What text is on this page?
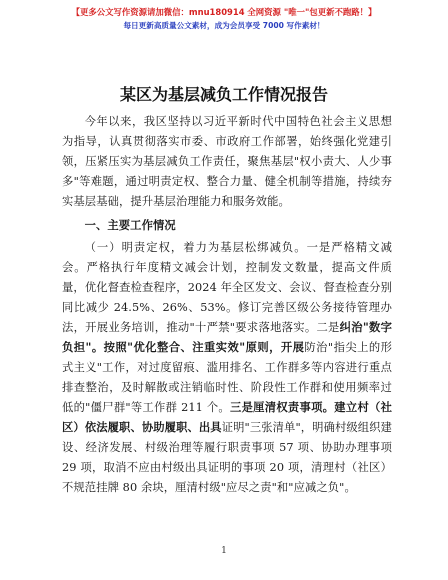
【更多公文写作资源请加微信：mnu180914 全网资源 "唯一"包更新不跑路！】
每日更新高质量公文素材，成为会员享受 7000 写作素材！
某区为基层减负工作情况报告

今年以来，我区坚持以习近平新时代中国特色社会主义思想为指导，认真贯彻落实市委、市政府工作部署，始终强化党建引领，压紧压实为基层减负工作责任，聚焦基层"权小责大、人少事多"等难题，通过明责定权、整合力量、健全机制等措施，持续夯实基层基础，提升基层治理能力和服务效能。

一、主要工作情况

（一）明责定权，着力为基层松绑减负。一是严格精文减会。严格执行年度精文减会计划，控制发文数量，提高文件质量，优化督查检查程序，2024 年全区发文、会议、督查检查分别同比减少 24.5%、26%、53%。修订完善区级公务接待管理办法，开展业务培训，推动"十严禁"要求落地落实。二是纠治"数字负担"。按照"优化整合、注重实效"原则，开展防治"指尖上的形式主义"工作，对过度留痕、滥用排名、工作群多等内容进行重点排查整治，及时解散或注销临时性、阶段性工作群和使用频率过低的"僵尸群"等工作群 211 个。三是厘清权责事项。建立村（社区）依法履职、协助履职、出具证明"三张清单"，明确村级组织建设、经济发展、村级治理等履行职责事项 57 项、协助办理事项 29 项，取消不应由村级出具证明的事项 20 项，清理村（社区）不规范挂牌 80 余块，厘清村级"应尽之责"和"应减之负"。

1
